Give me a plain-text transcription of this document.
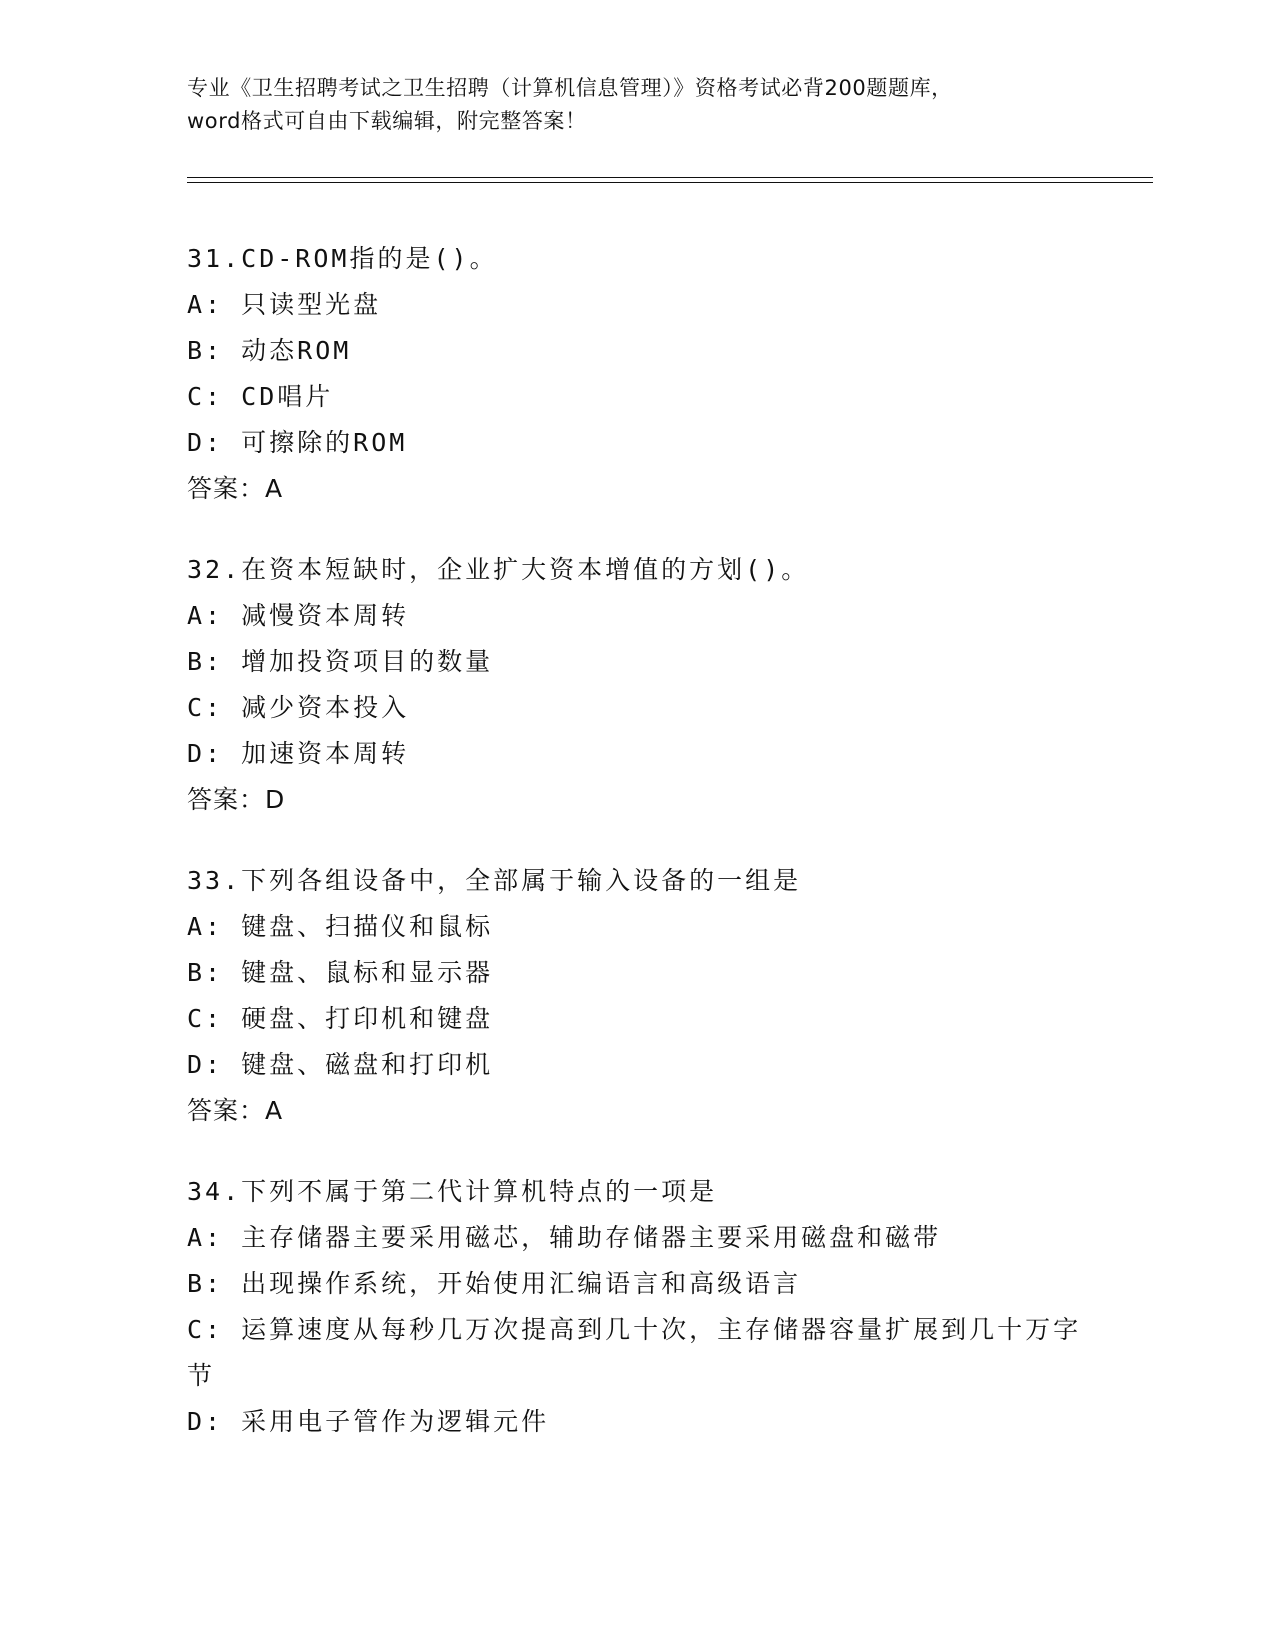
专业《卫生招聘考试之卫生招聘（计算机信息管理）》资格考试必背200题题库，
word格式可自由下载编辑，附完整答案！

31.CD-ROM指的是()。

A: 只读型光盘

B: 动态ROM

C: CD唱片

D: 可擦除的ROM

答案：A

32.在资本短缺时，企业扩大资本增值的方划()。

A: 减慢资本周转

B: 增加投资项目的数量

C: 减少资本投入

D: 加速资本周转

答案：D

33.下列各组设备中，全部属于输入设备的一组是

A: 键盘、扫描仪和鼠标

B: 键盘、鼠标和显示器

C: 硬盘、打印机和键盘

D: 键盘、磁盘和打印机

答案：A

34.下列不属于第二代计算机特点的一项是

A: 主存储器主要采用磁芯，辅助存储器主要采用磁盘和磁带

B: 出现操作系统，开始使用汇编语言和高级语言

C: 运算速度从每秒几万次提高到几十次，主存储器容量扩展到几十万字节

D: 采用电子管作为逻辑元件
